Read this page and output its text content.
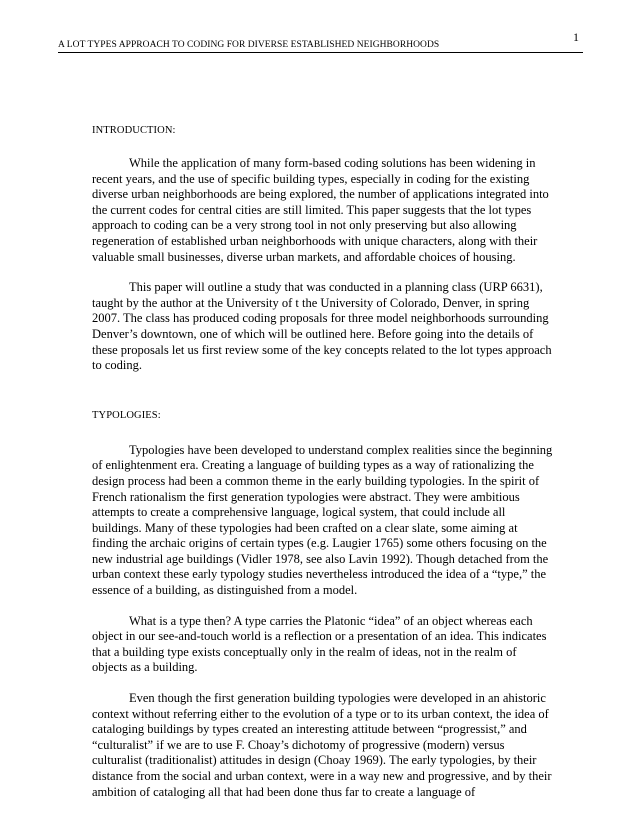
1
A LOT TYPES APPROACH TO CODING FOR DIVERSE ESTABLISHED NEIGHBORHOODS
INTRODUCTION:

While the application of many form-based coding solutions has been widening in recent years, and the use of specific building types, especially in coding for the existing diverse urban neighborhoods are being explored, the number of applications integrated into the current codes for central cities are still limited. This paper suggests that the lot types approach to coding can be a very strong tool in not only preserving but also allowing regeneration of established urban neighborhoods with unique characters, along with their valuable small businesses, diverse urban markets, and affordable choices of housing.

This paper will outline a study that was conducted in a planning class (URP 6631), taught by the author at the University of t the University of Colorado, Denver, in spring 2007. The class has produced coding proposals for three model neighborhoods surrounding Denver’s downtown, one of which will be outlined here. Before going into the details of these proposals let us first review some of the key concepts related to the lot types approach to coding.

TYPOLOGIES:

Typologies have been developed to understand complex realities since the beginning of enlightenment era. Creating a language of building types as a way of rationalizing the design process had been a common theme in the early building typologies. In the spirit of French rationalism the first generation typologies were abstract. They were ambitious attempts to create a comprehensive language, logical system, that could include all buildings. Many of these typologies had been crafted on a clear slate, some aiming at finding the archaic origins of certain types (e.g. Laugier 1765) some others focusing on the new industrial age buildings (Vidler 1978, see also Lavin 1992). Though detached from the urban context these early typology studies nevertheless introduced the idea of a “type,” the essence of a building, as distinguished from a model.

What is a type then? A type carries the Platonic “idea” of an object whereas each object in our see-and-touch world is a reflection or a presentation of an idea. This indicates that a building type exists conceptually only in the realm of ideas, not in the realm of objects as a building.

Even though the first generation building typologies were developed in an ahistoric context without referring either to the evolution of a type or to its urban context, the idea of cataloging buildings by types created an interesting attitude between “progressist,” and “culturalist” if we are to use F. Choay’s dichotomy of progressive (modern) versus culturalist (traditionalist) attitudes in design (Choay 1969). The early typologies, by their distance from the social and urban context, were in a way new and progressive, and by their ambition of cataloging all that had been done thus far to create a language of
